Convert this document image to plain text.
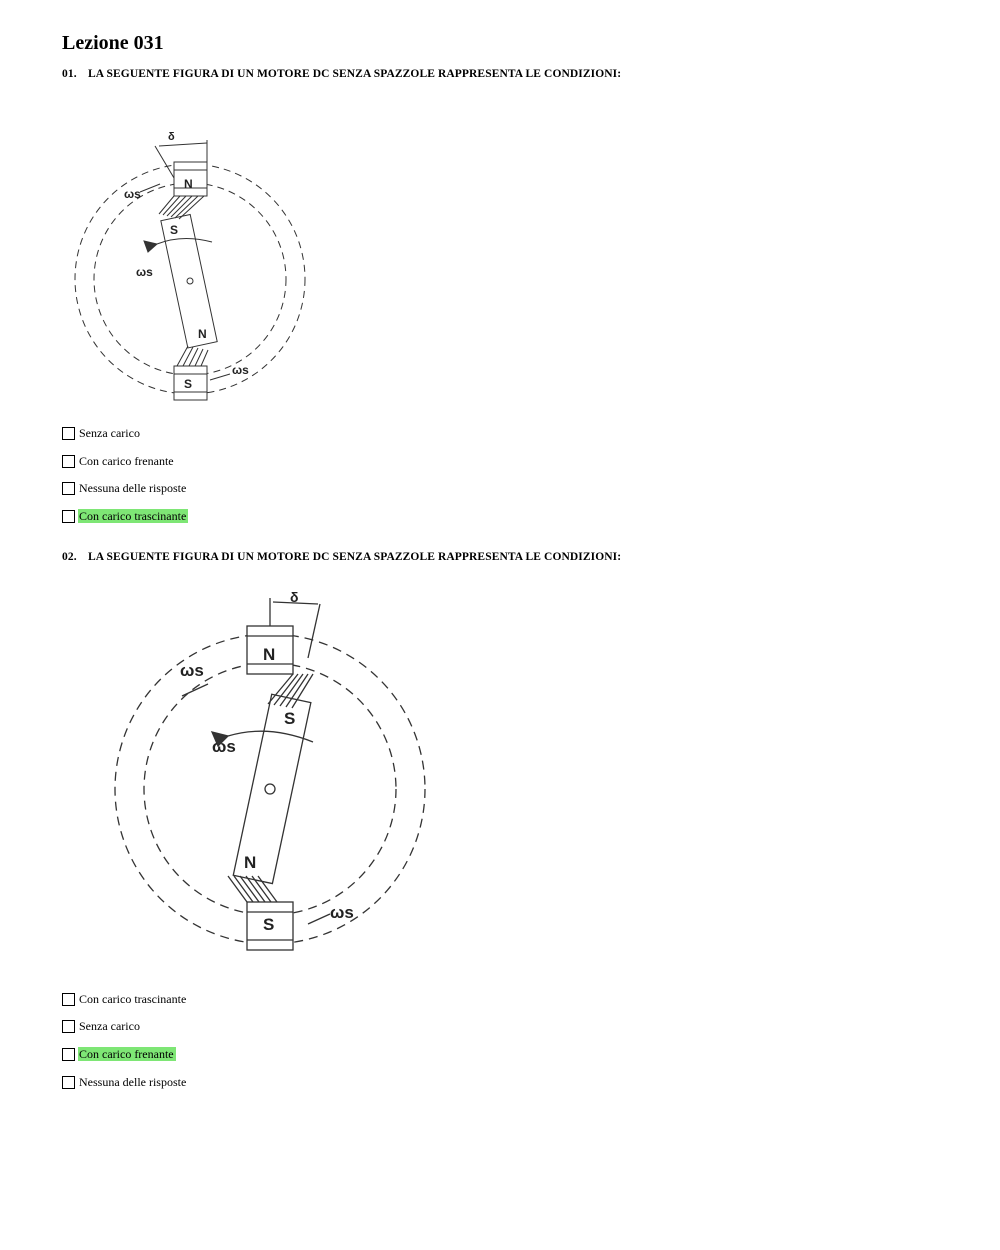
Lezione 031
01. LA SEGUENTE FIGURA DI UN MOTORE DC SENZA SPAZZOLE RAPPRESENTA LE CONDIZIONI:
δ
N
S
S
N
ωs
ωs
ωs
Senza carico
Con carico frenante
Nessuna delle risposte
Con carico trascinante
02. LA SEGUENTE FIGURA DI UN MOTORE DC SENZA SPAZZOLE RAPPRESENTA LE CONDIZIONI:
δ
N
S
S
N
ωs
ωs
ωs
Con carico trascinante
Senza carico
Con carico frenante
Nessuna delle risposte
